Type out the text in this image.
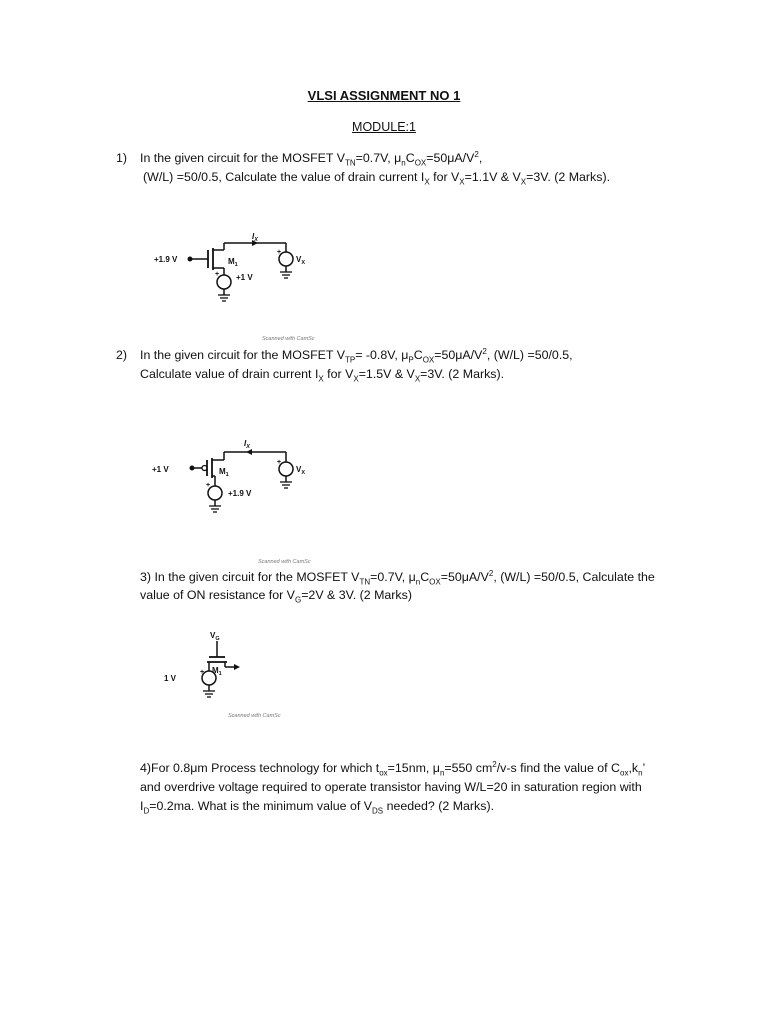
VLSI ASSIGNMENT NO 1
MODULE:1
1) In the given circuit for the MOSFET $V_{TN}=0.7V$, $\mu_nC_{OX}=50\mu A/V^2$,
(W/L) =50/0.5, Calculate the value of drain current $I_X$ for $V_X=1.1V$ & $V_X=3V$. (2 Marks).
+
+
+1.9 V	$M_1$
+1 V
$I_X$
$V_X$
Scanned with CamSc
2) In the given circuit for the MOSFET $V_{TP}= -0.8V$, $\mu_PC_{OX}=50\mu A/V^2$, (W/L) =50/0.5,
Calculate value of drain current $I_X$ for $V_X=1.5V$ & $V_X=3V$. (2 Marks).
+
+
+1 V	$M_1$
+1.9 V
$I_X$
$V_X$
Scanned with CamSc
3) In the given circuit for the MOSFET $V_{TN}=0.7V$, $\mu_nC_{OX}=50\mu A/V^2$, (W/L) =50/0.5, Calculate the
value of ON resistance for $V_G=2V$ & 3V. (2 Marks)
+
$V_G$
$M_1$
1 V
Scanned with CamSc
4)For 0.8μm Process technology for which $t_{ox}=15nm$, $\mu_n=550$ $cm^2/v-s$ find the value of $C_{ox},k_n$’
and overdrive voltage required to operate transistor having W/L=20 in saturation region with
$I_D=0.2ma$. What is the minimum value of $V_{DS}$ needed? (2 Marks).
